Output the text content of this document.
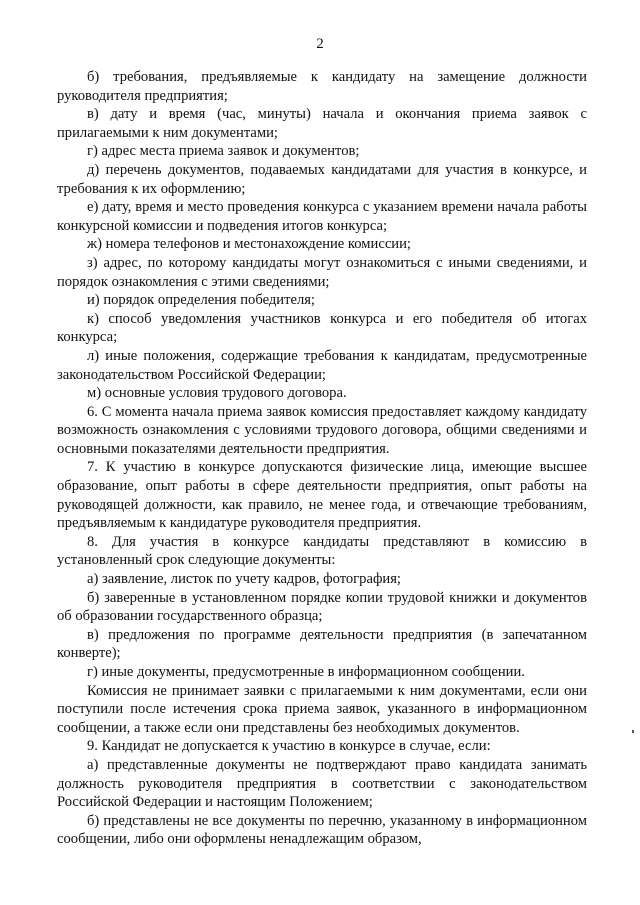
2

б) требования, предъявляемые к кандидату на замещение должности руководителя предприятия;

в) дату и время (час, минуты) начала и окончания приема заявок с прилагаемыми к ним документами;

г) адрес места приема заявок и документов;

д) перечень документов, подаваемых кандидатами для участия в конкурсе, и требования к их оформлению;

е) дату, время и место проведения конкурса с указанием времени начала работы конкурсной комиссии и подведения итогов конкурса;

ж) номера телефонов и местонахождение комиссии;

з) адрес, по которому кандидаты могут ознакомиться с иными сведениями, и порядок ознакомления с этими сведениями;

и) порядок определения победителя;

к) способ уведомления участников конкурса и его победителя об итогах конкурса;

л) иные положения, содержащие требования к кандидатам, предусмотренные законодательством Российской Федерации;

м) основные условия трудового договора.

6. С момента начала приема заявок комиссия предоставляет каждому кандидату возможность ознакомления с условиями трудового договора, общими сведениями и основными показателями деятельности предприятия.

7. К участию в конкурсе допускаются физические лица, имеющие высшее образование, опыт работы в сфере деятельности предприятия, опыт работы на руководящей должности, как правило, не менее года, и отвечающие требованиям, предъявляемым к кандидатуре руководителя предприятия.

8. Для участия в конкурсе кандидаты представляют в комиссию в установленный срок следующие документы:

а) заявление, листок по учету кадров, фотография;

б) заверенные в установленном порядке копии трудовой книжки и документов об образовании государственного образца;

в) предложения по программе деятельности предприятия (в запечатанном конверте);

г) иные документы, предусмотренные в информационном сообщении.

Комиссия не принимает заявки с прилагаемыми к ним документами, если они поступили после истечения срока приема заявок, указанного в информационном сообщении, а также если они представлены без необходимых документов.

9. Кандидат не допускается к участию в конкурсе в случае, если:

а) представленные документы не подтверждают право кандидата занимать должность руководителя предприятия в соответствии с законодательством Российской Федерации и настоящим Положением;

б) представлены не все документы по перечню, указанному в информационном сообщении, либо они оформлены ненадлежащим образом,
